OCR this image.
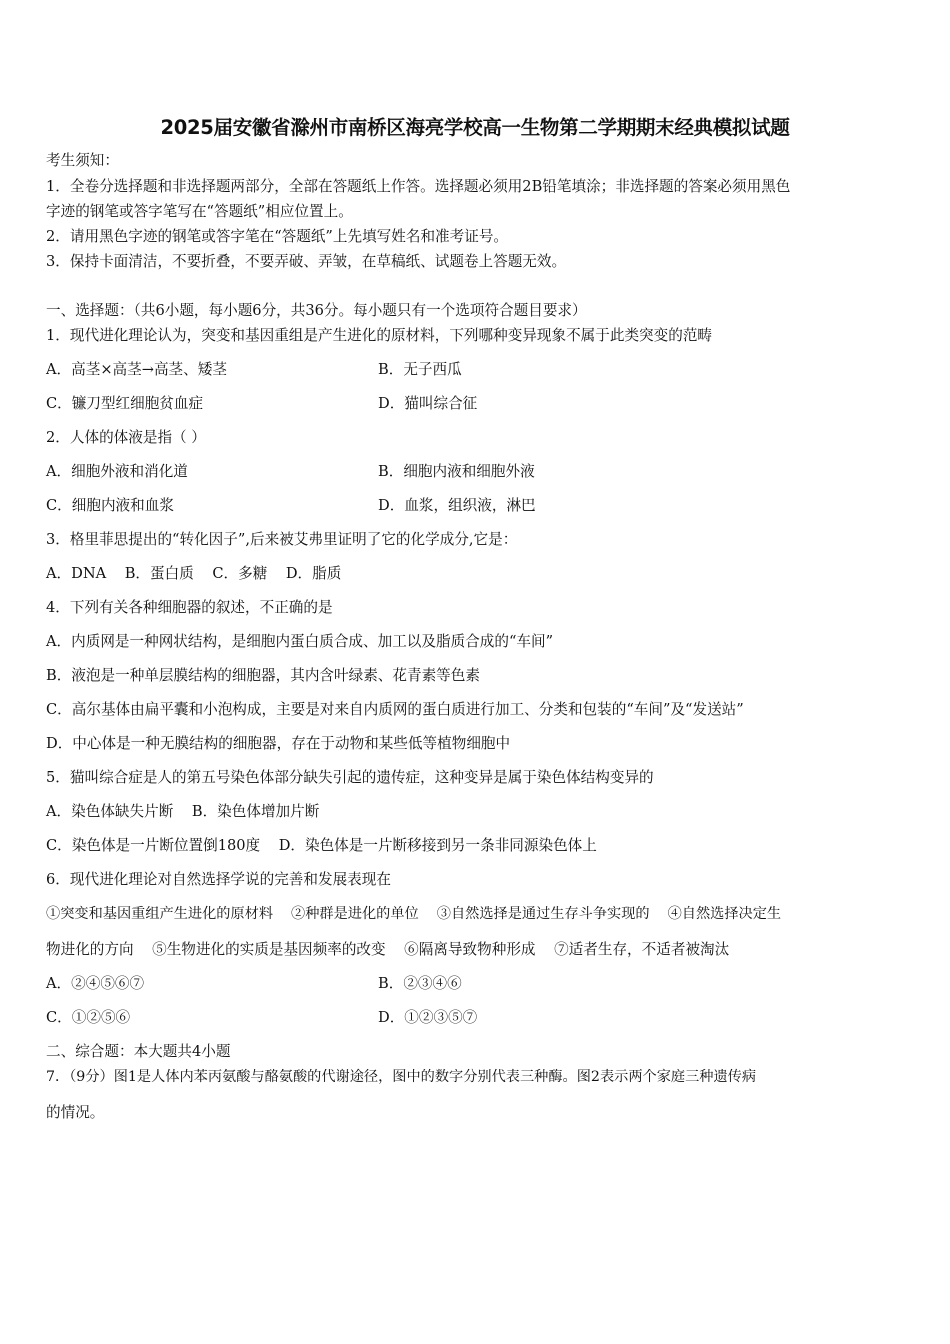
2025届安徽省滁州市南桥区海亮学校高一生物第二学期期末经典模拟试题
考生须知：
1．全卷分选择题和非选择题两部分，全部在答题纸上作答。选择题必须用2B铅笔填涂；非选择题的答案必须用黑色
字迹的钢笔或答字笔写在“答题纸”相应位置上。
2．请用黑色字迹的钢笔或答字笔在“答题纸”上先填写姓名和准考证号。
3．保持卡面清洁，不要折叠，不要弄破、弄皱，在草稿纸、试题卷上答题无效。
一、选择题：（共6小题，每小题6分，共36分。每小题只有一个选项符合题目要求）
1．现代进化理论认为，突变和基因重组是产生进化的原材料，下列哪种变异现象不属于此类突变的范畴
A．高茎×高茎→高茎、矮茎	B．无子西瓜
C．镰刀型红细胞贫血症	D．猫叫综合征
2．人体的体液是指（ ）
A．细胞外液和消化道	B．细胞内液和细胞外液
C．细胞内液和血浆	D．血浆，组织液，淋巴
3．格里菲思提出的“转化因子”,后来被艾弗里证明了它的化学成分,它是：
A．DNA    B．蛋白质    C．多糖    D．脂质
4．下列有关各种细胞器的叙述，不正确的是
A．内质网是一种网状结构，是细胞内蛋白质合成、加工以及脂质合成的“车间”
B．液泡是一种单层膜结构的细胞器，其内含叶绿素、花青素等色素
C．高尔基体由扁平囊和小泡构成，主要是对来自内质网的蛋白质进行加工、分类和包装的“车间”及“发送站”
D．中心体是一种无膜结构的细胞器，存在于动物和某些低等植物细胞中
5．猫叫综合症是人的第五号染色体部分缺失引起的遗传症，这种变异是属于染色体结构变异的
A．染色体缺失片断    B．染色体增加片断
C．染色体是一片断位置倒180度    D．染色体是一片断移接到另一条非同源染色体上
6．现代进化理论对自然选择学说的完善和发展表现在
①突变和基因重组产生进化的原材料    ②种群是进化的单位    ③自然选择是通过生存斗争实现的    ④自然选择决定生
物进化的方向    ⑤生物进化的实质是基因频率的改变    ⑥隔离导致物种形成    ⑦适者生存，不适者被淘汰
A．②④⑤⑥⑦	B．②③④⑥
C．①②⑤⑥	D．①②③⑤⑦
二、综合题：本大题共4小题
7．（9分）图1是人体内苯丙氨酸与酪氨酸的代谢途径，图中的数字分别代表三种酶。图2表示两个家庭三种遗传病
的情况。
